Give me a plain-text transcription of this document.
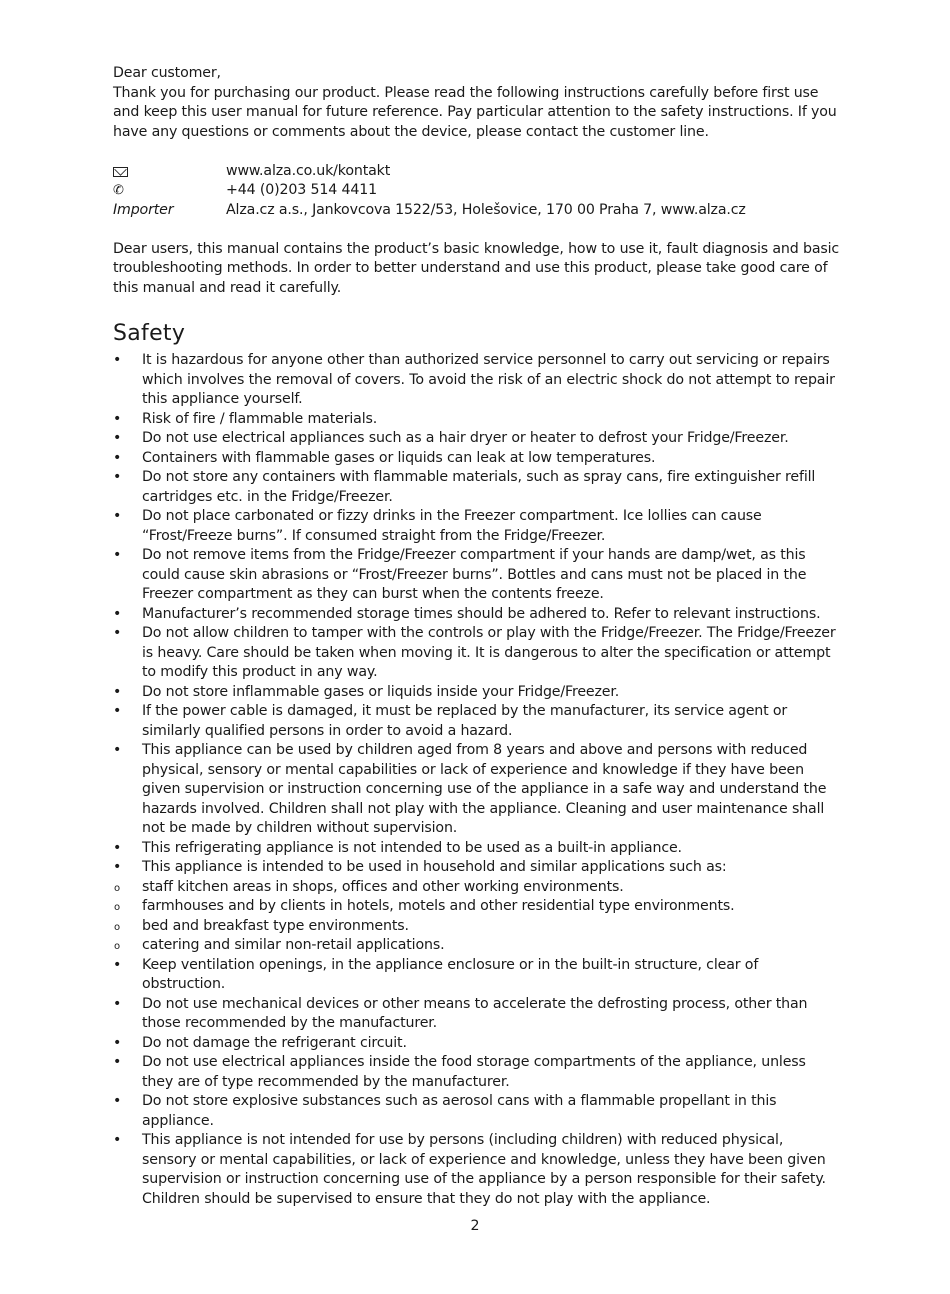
Dear customer,

Thank you for purchasing our product. Please read the following instructions carefully before first use and keep this user manual for future reference. Pay particular attention to the safety instructions. If you have any questions or comments about the device, please contact the customer line.

www.alza.co.uk/kontakt
✆	+44 (0)203 514 4411
Importer	Alza.cz a.s., Jankovcova 1522/53, Holešovice, 170 00 Praha 7, www.alza.cz

Dear users, this manual contains the product’s basic knowledge, how to use it, fault diagnosis and basic troubleshooting methods. In order to better understand and use this product, please take good care of this manual and read it carefully.

Safety
• It is hazardous for anyone other than authorized service personnel to carry out servicing or repairs which involves the removal of covers. To avoid the risk of an electric shock do not attempt to repair this appliance yourself.
• Risk of fire / flammable materials.
• Do not use electrical appliances such as a hair dryer or heater to defrost your Fridge/Freezer.
• Containers with flammable gases or liquids can leak at low temperatures.
• Do not store any containers with flammable materials, such as spray cans, fire extinguisher refill cartridges etc. in the Fridge/Freezer.
• Do not place carbonated or fizzy drinks in the Freezer compartment. Ice lollies can cause “Frost/Freeze burns”. If consumed straight from the Fridge/Freezer.
• Do not remove items from the Fridge/Freezer compartment if your hands are damp/wet, as this could cause skin abrasions or “Frost/Freezer burns”. Bottles and cans must not be placed in the Freezer compartment as they can burst when the contents freeze.
• Manufacturer’s recommended storage times should be adhered to. Refer to relevant instructions.
• Do not allow children to tamper with the controls or play with the Fridge/Freezer. The Fridge/Freezer is heavy. Care should be taken when moving it. It is dangerous to alter the specification or attempt to modify this product in any way.
• Do not store inflammable gases or liquids inside your Fridge/Freezer.
• If the power cable is damaged, it must be replaced by the manufacturer, its service agent or similarly qualified persons in order to avoid a hazard.
• This appliance can be used by children aged from 8 years and above and persons with reduced physical, sensory or mental capabilities or lack of experience and knowledge if they have been given supervision or instruction concerning use of the appliance in a safe way and understand the hazards involved. Children shall not play with the appliance. Cleaning and user maintenance shall not be made by children without supervision.
• This refrigerating appliance is not intended to be used as a built-in appliance.
• This appliance is intended to be used in household and similar applications such as:
o staff kitchen areas in shops, offices and other working environments.
o farmhouses and by clients in hotels, motels and other residential type environments.
o bed and breakfast type environments.
o catering and similar non-retail applications.
• Keep ventilation openings, in the appliance enclosure or in the built-in structure, clear of obstruction.
• Do not use mechanical devices or other means to accelerate the defrosting process, other than those recommended by the manufacturer.
• Do not damage the refrigerant circuit.
• Do not use electrical appliances inside the food storage compartments of the appliance, unless they are of type recommended by the manufacturer.
• Do not store explosive substances such as aerosol cans with a flammable propellant in this appliance.
• This appliance is not intended for use by persons (including children) with reduced physical, sensory or mental capabilities, or lack of experience and knowledge, unless they have been given supervision or instruction concerning use of the appliance by a person responsible for their safety. Children should be supervised to ensure that they do not play with the appliance.
2
